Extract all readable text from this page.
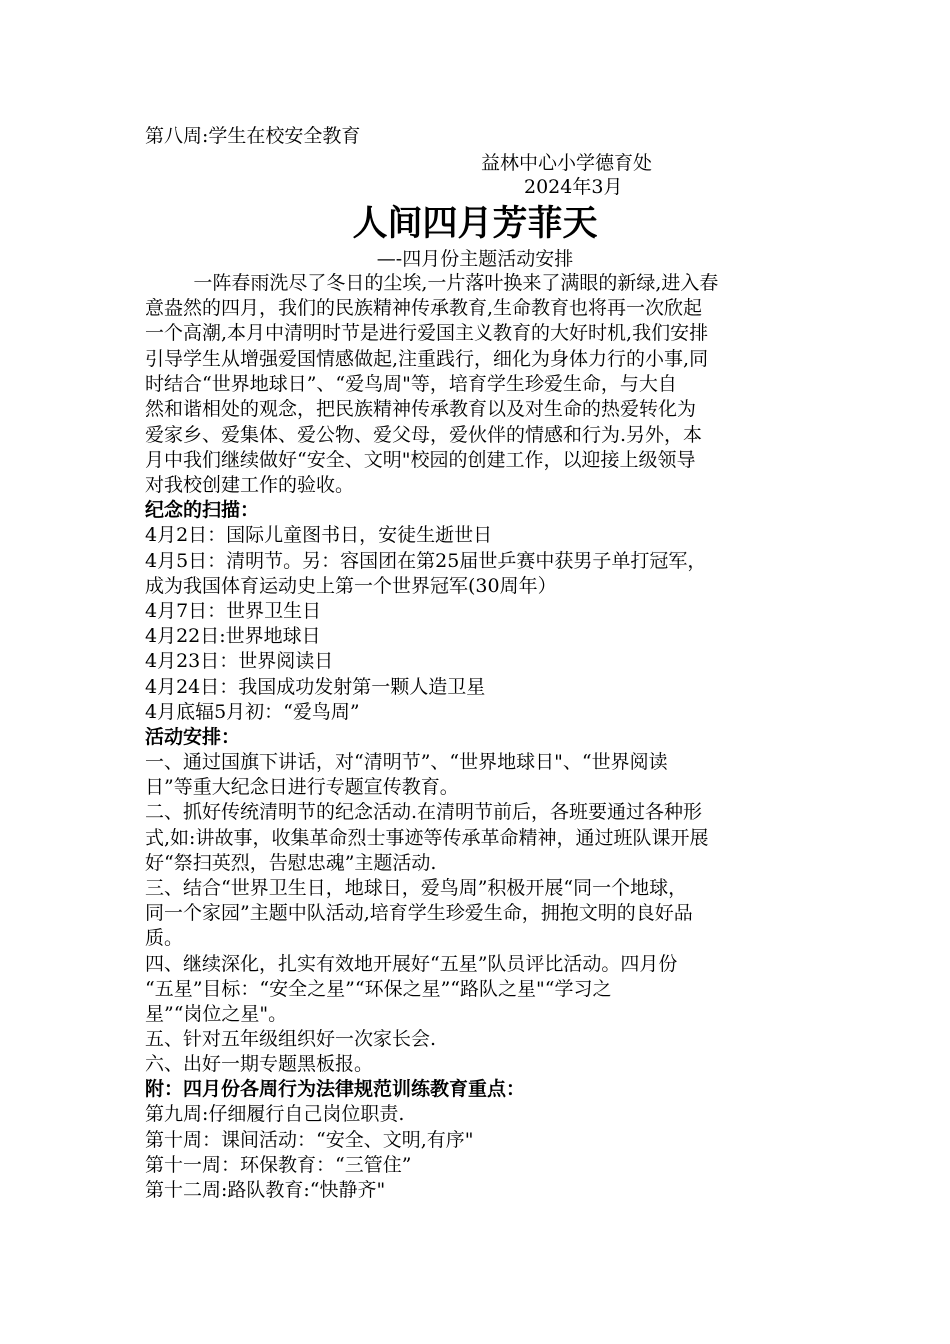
第八周:学生在校安全教育
益林中心小学德育处
2024年3月
人间四月芳菲天
—-四月份主题活动安排
一阵春雨洗尽了冬日的尘埃,一片落叶换来了满眼的新绿,进入春
意盎然的四月，我们的民族精神传承教育,生命教育也将再一次欣起
一个高潮,本月中清明时节是进行爱国主义教育的大好时机,我们安排
引导学生从增强爱国情感做起,注重践行，细化为身体力行的小事,同
时结合“世界地球日”、“爱鸟周"等，培育学生珍爱生命，与大自
然和谐相处的观念，把民族精神传承教育以及对生命的热爱转化为
爱家乡、爱集体、爱公物、爱父母，爱伙伴的情感和行为.另外，本
月中我们继续做好“安全、文明"校园的创建工作，以迎接上级领导
对我校创建工作的验收。
纪念的扫描：
4月2日：国际儿童图书日，安徒生逝世日
4月5日：清明节。另：容国团在第25届世乒赛中获男子单打冠军，
成为我国体育运动史上第一个世界冠军(30周年）
4月7日：世界卫生日
4月22日:世界地球日
4月23日：世界阅读日
4月24日：我国成功发射第一颗人造卫星
4月底辐5月初：“爱鸟周”
活动安排：
一、通过国旗下讲话，对“清明节”、“世界地球日"、“世界阅读
日”等重大纪念日进行专题宣传教育。
二、抓好传统清明节的纪念活动.在清明节前后，各班要通过各种形
式,如:讲故事，收集革命烈士事迹等传承革命精神，通过班队课开展
好“祭扫英烈，告慰忠魂”主题活动.
三、结合“世界卫生日，地球日，爱鸟周”积极开展“同一个地球，
同一个家园”主题中队活动,培育学生珍爱生命，拥抱文明的良好品
质。
四、继续深化，扎实有效地开展好“五星”队员评比活动。四月份
“五星”目标：“安全之星”“环保之星”“路队之星"“学习之
星”“岗位之星"。
五、针对五年级组织好一次家长会.
六、出好一期专题黑板报。
附：四月份各周行为法律规范训练教育重点：
第九周:仔细履行自己岗位职责.
第十周：课间活动：“安全、文明,有序"
第十一周：环保教育：“三管住”
第十二周:路队教育:“快静齐"
